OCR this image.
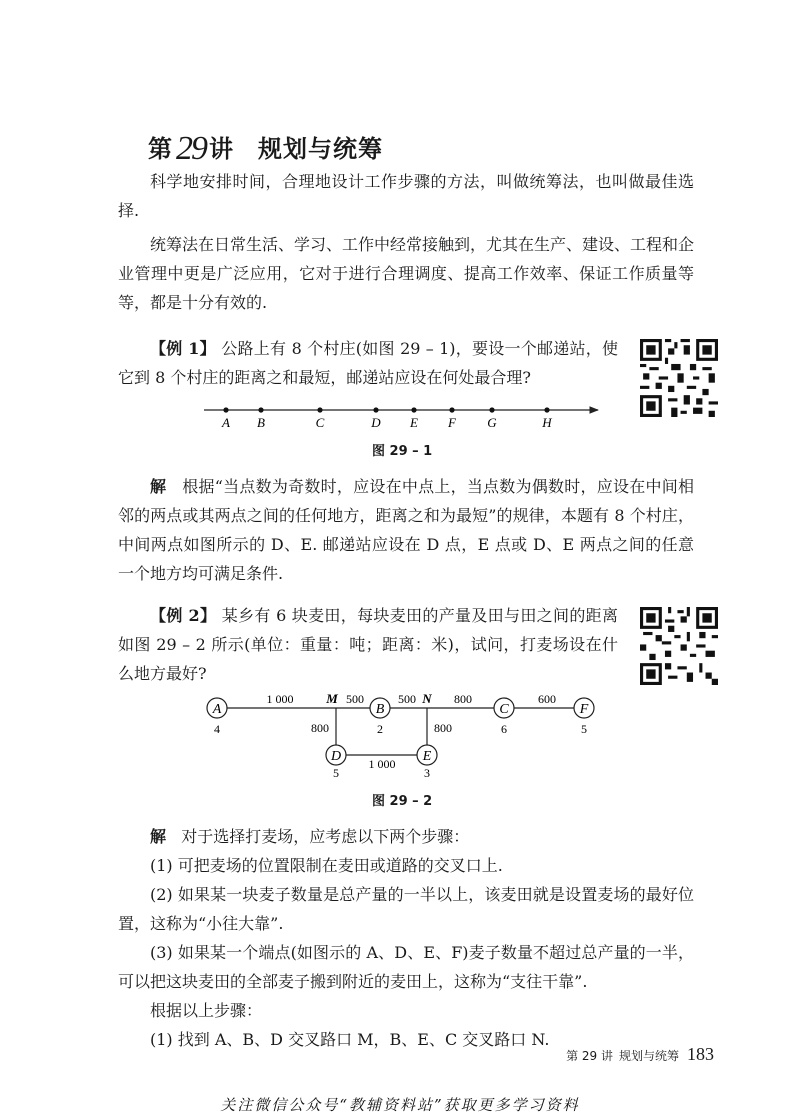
第29 讲 规划与统筹

科学地安排时间，合理地设计工作步骤的方法，叫做统筹法，也叫做最佳选择.

统筹法在日常生活、学习、工作中经常接触到，尤其在生产、建设、工程和企业管理中更是广泛应用，它对于进行合理调度、提高工作效率、保证工作质量等等，都是十分有效的.

【例 1】 公路上有 8 个村庄(如图 29 – 1)，要设一个邮递站，使它到 8 个村庄的距离之和最短，邮递站应设在何处最合理?

A B	C	D E F G	H
图 29 – 1

解 根据“当点数为奇数时，应设在中点上，当点数为偶数时，应设在中间相邻的两点或其两点之间的任何地方，距离之和为最短”的规律，本题有 8 个村庄，中间两点如图所示的 D、E. 邮递站应设在 D 点，E 点或 D、E 两点之间的任意一个地方均可满足条件.

【例 2】 某乡有 6 块麦田，每块麦田的产量及田与田之间的距离如图 29 – 2 所示(单位：重量：吨；距离：米)，试问，打麦场设在什么地方最好?

A
4
B
2
C
6
F
5
D
5
E
3
M	N
1 000	500	500	800	600
800	800
1 000
图 29 – 2

解 对于选择打麦场，应考虑以下两个步骤：

(1) 可把麦场的位置限制在麦田或道路的交叉口上.

(2) 如果某一块麦子数量是总产量的一半以上，该麦田就是设置麦场的最好位置，这称为“小往大靠”.

(3) 如果某一个端点(如图示的 A、D、E、F)麦子数量不超过总产量的一半，可以把这块麦田的全部麦子搬到附近的麦田上，这称为“支往干靠”.

根据以上步骤：

(1) 找到 A、B、D 交叉路口 M，B、E、C 交叉路口 N.

第 29 讲 规划与统筹 183
关注微信公众号“教辅资料站”获取更多学习资料
